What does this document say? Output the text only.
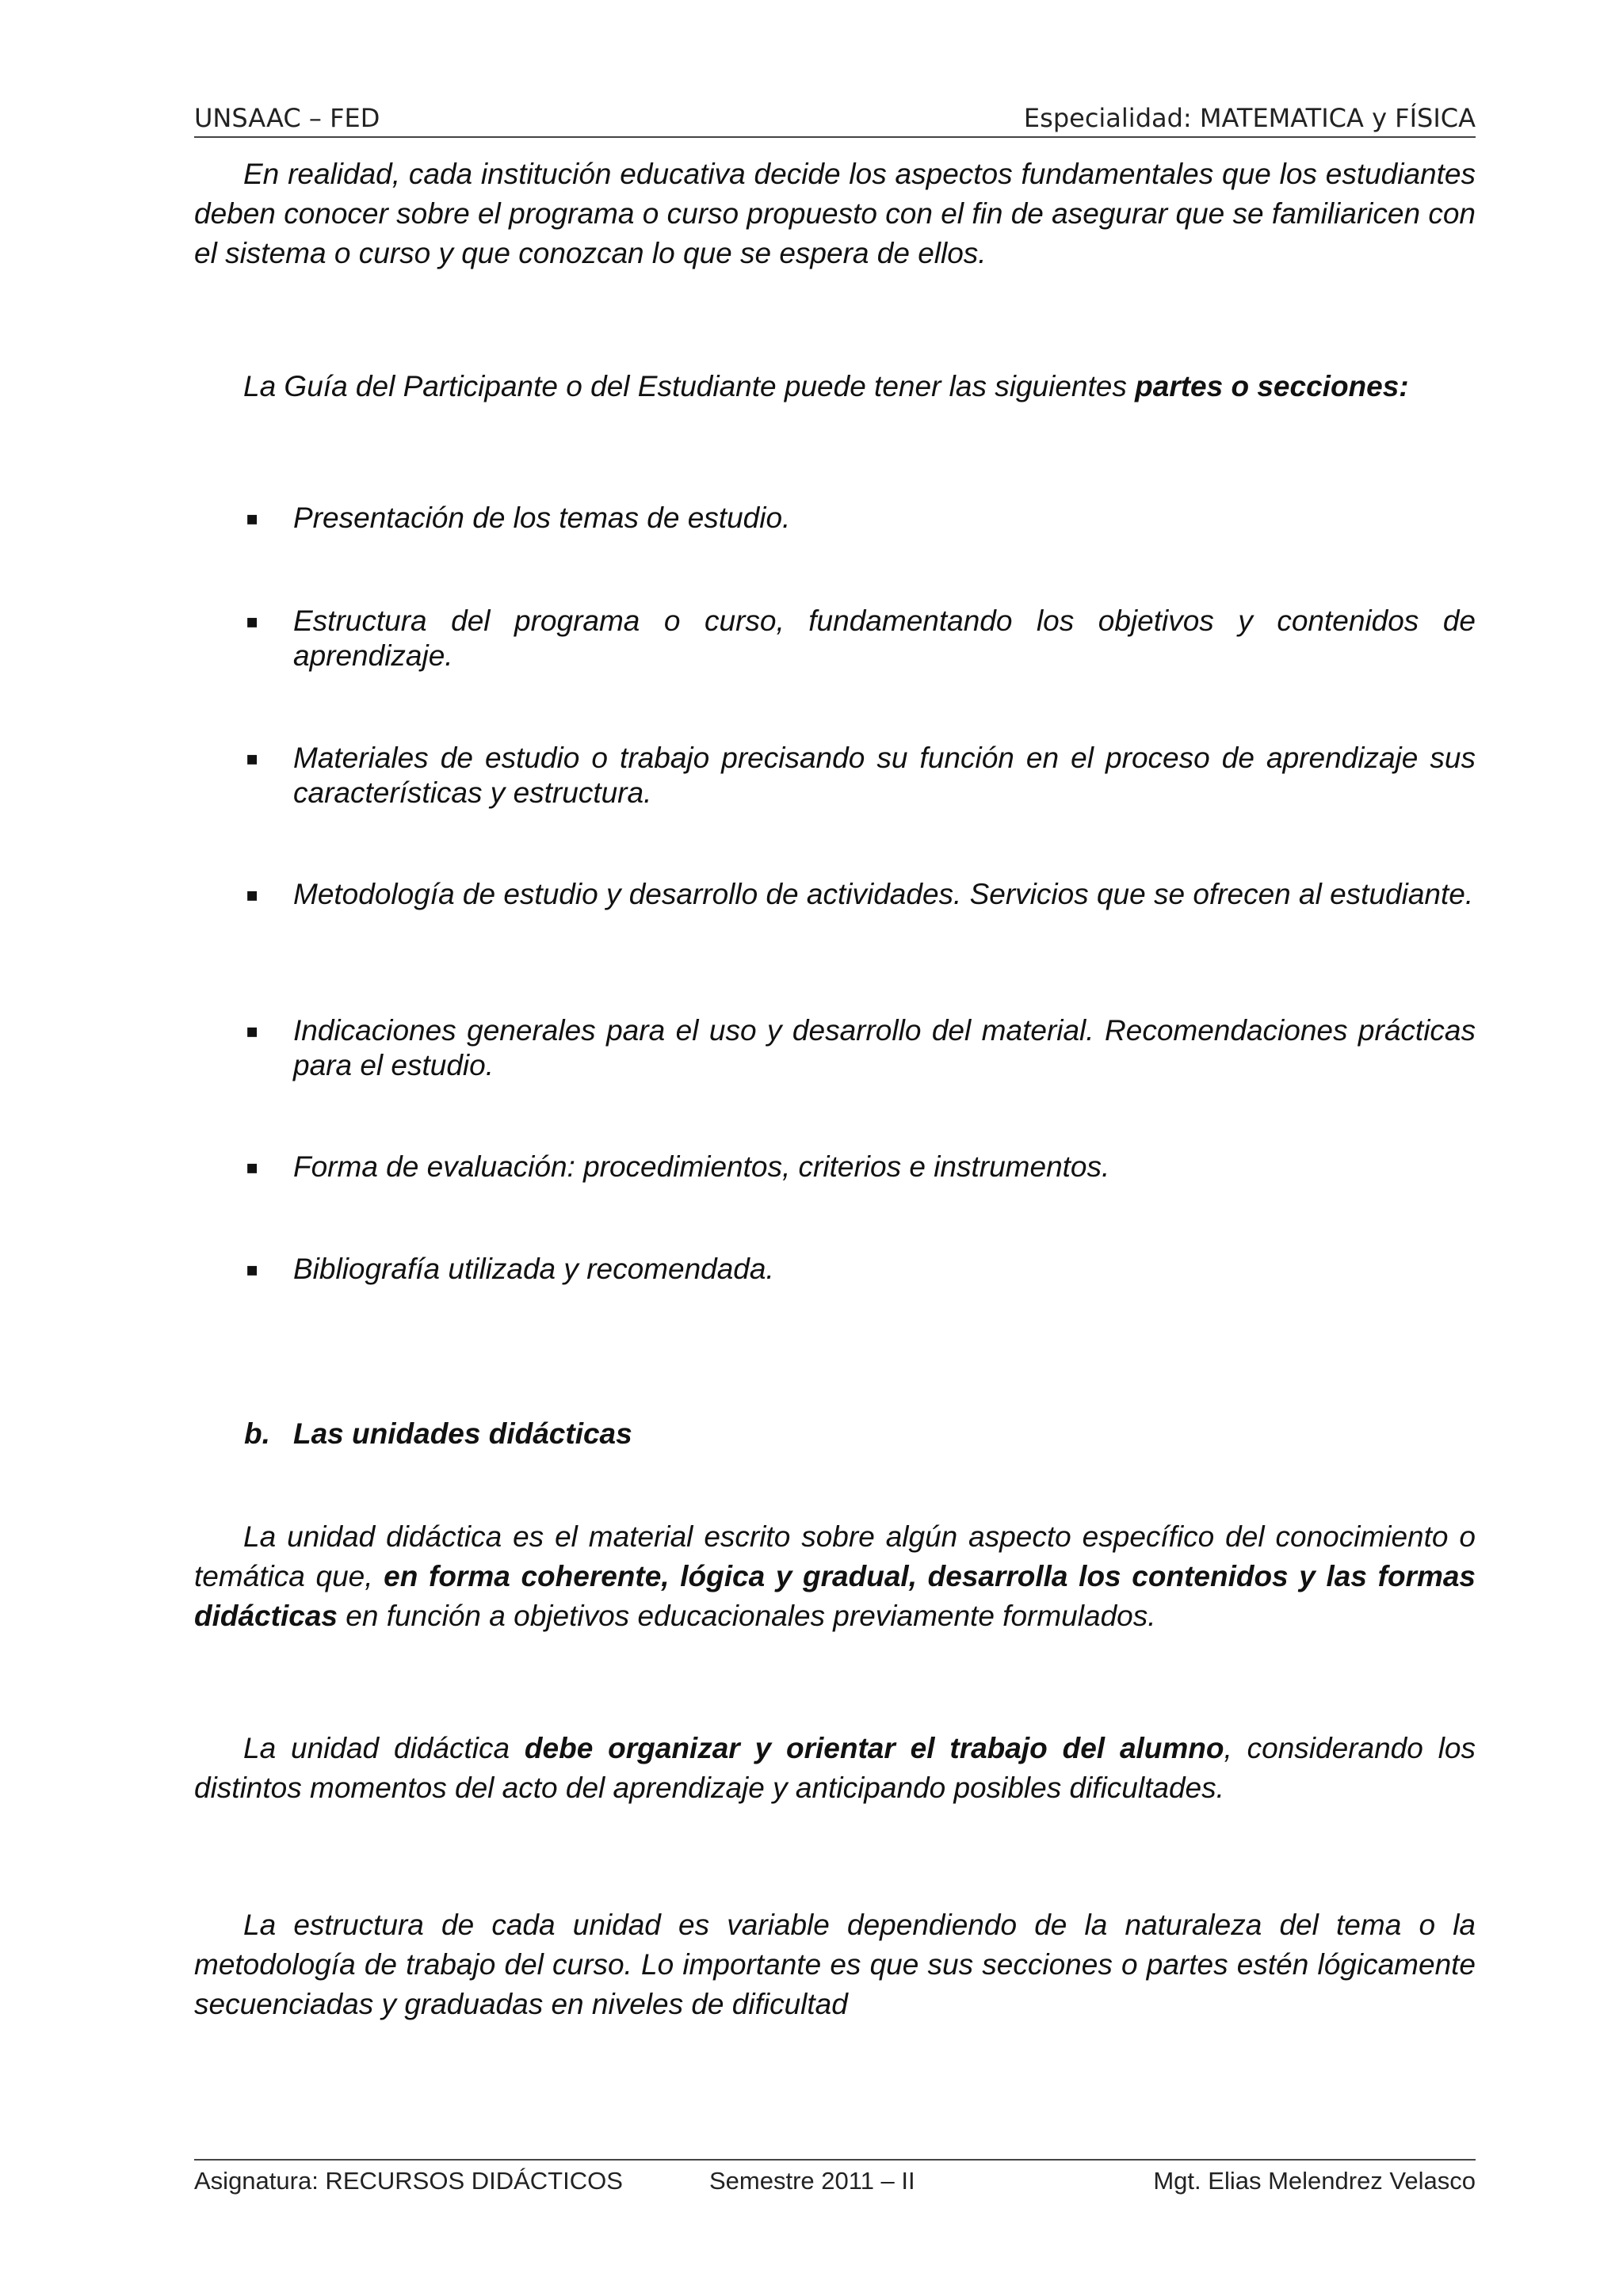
UNSAAC – FED	Especialidad: MATEMATICA y FÍSICA
En realidad, cada institución educativa decide los aspectos fundamentales que los estudiantes deben conocer sobre el programa o curso propuesto con el fin de asegurar que se familiaricen con el sistema o curso y que conozcan lo que se espera de ellos.
La Guía del Participante o del Estudiante puede tener las siguientes partes o secciones:
▪ Presentación de los temas de estudio.
▪ Estructura del programa o curso, fundamentando los objetivos y contenidos de aprendizaje.
▪ Materiales de estudio o trabajo precisando su función en el proceso de aprendizaje sus características y estructura.
▪ Metodología de estudio y desarrollo de actividades. Servicios que se ofrecen al estudiante.
▪ Indicaciones generales para el uso y desarrollo del material. Recomendaciones prácticas para el estudio.
▪ Forma de evaluación: procedimientos, criterios e instrumentos.
▪ Bibliografía utilizada y recomendada.
b. Las unidades didácticas
La unidad didáctica es el material escrito sobre algún aspecto específico del conocimiento o temática que, en forma coherente, lógica y gradual, desarrolla los contenidos y las formas didácticas en función a objetivos educacionales previamente formulados.
La unidad didáctica debe organizar y orientar el trabajo del alumno, considerando los distintos momentos del acto del aprendizaje y anticipando posibles dificultades.
La estructura de cada unidad es variable dependiendo de la naturaleza del tema o la metodología de trabajo del curso. Lo importante es que sus secciones o partes estén lógicamente secuenciadas y graduadas en niveles de dificultad
Asignatura: RECURSOS DIDÁCTICOS	Semestre 2011 – II	Mgt. Elias Melendrez Velasco
